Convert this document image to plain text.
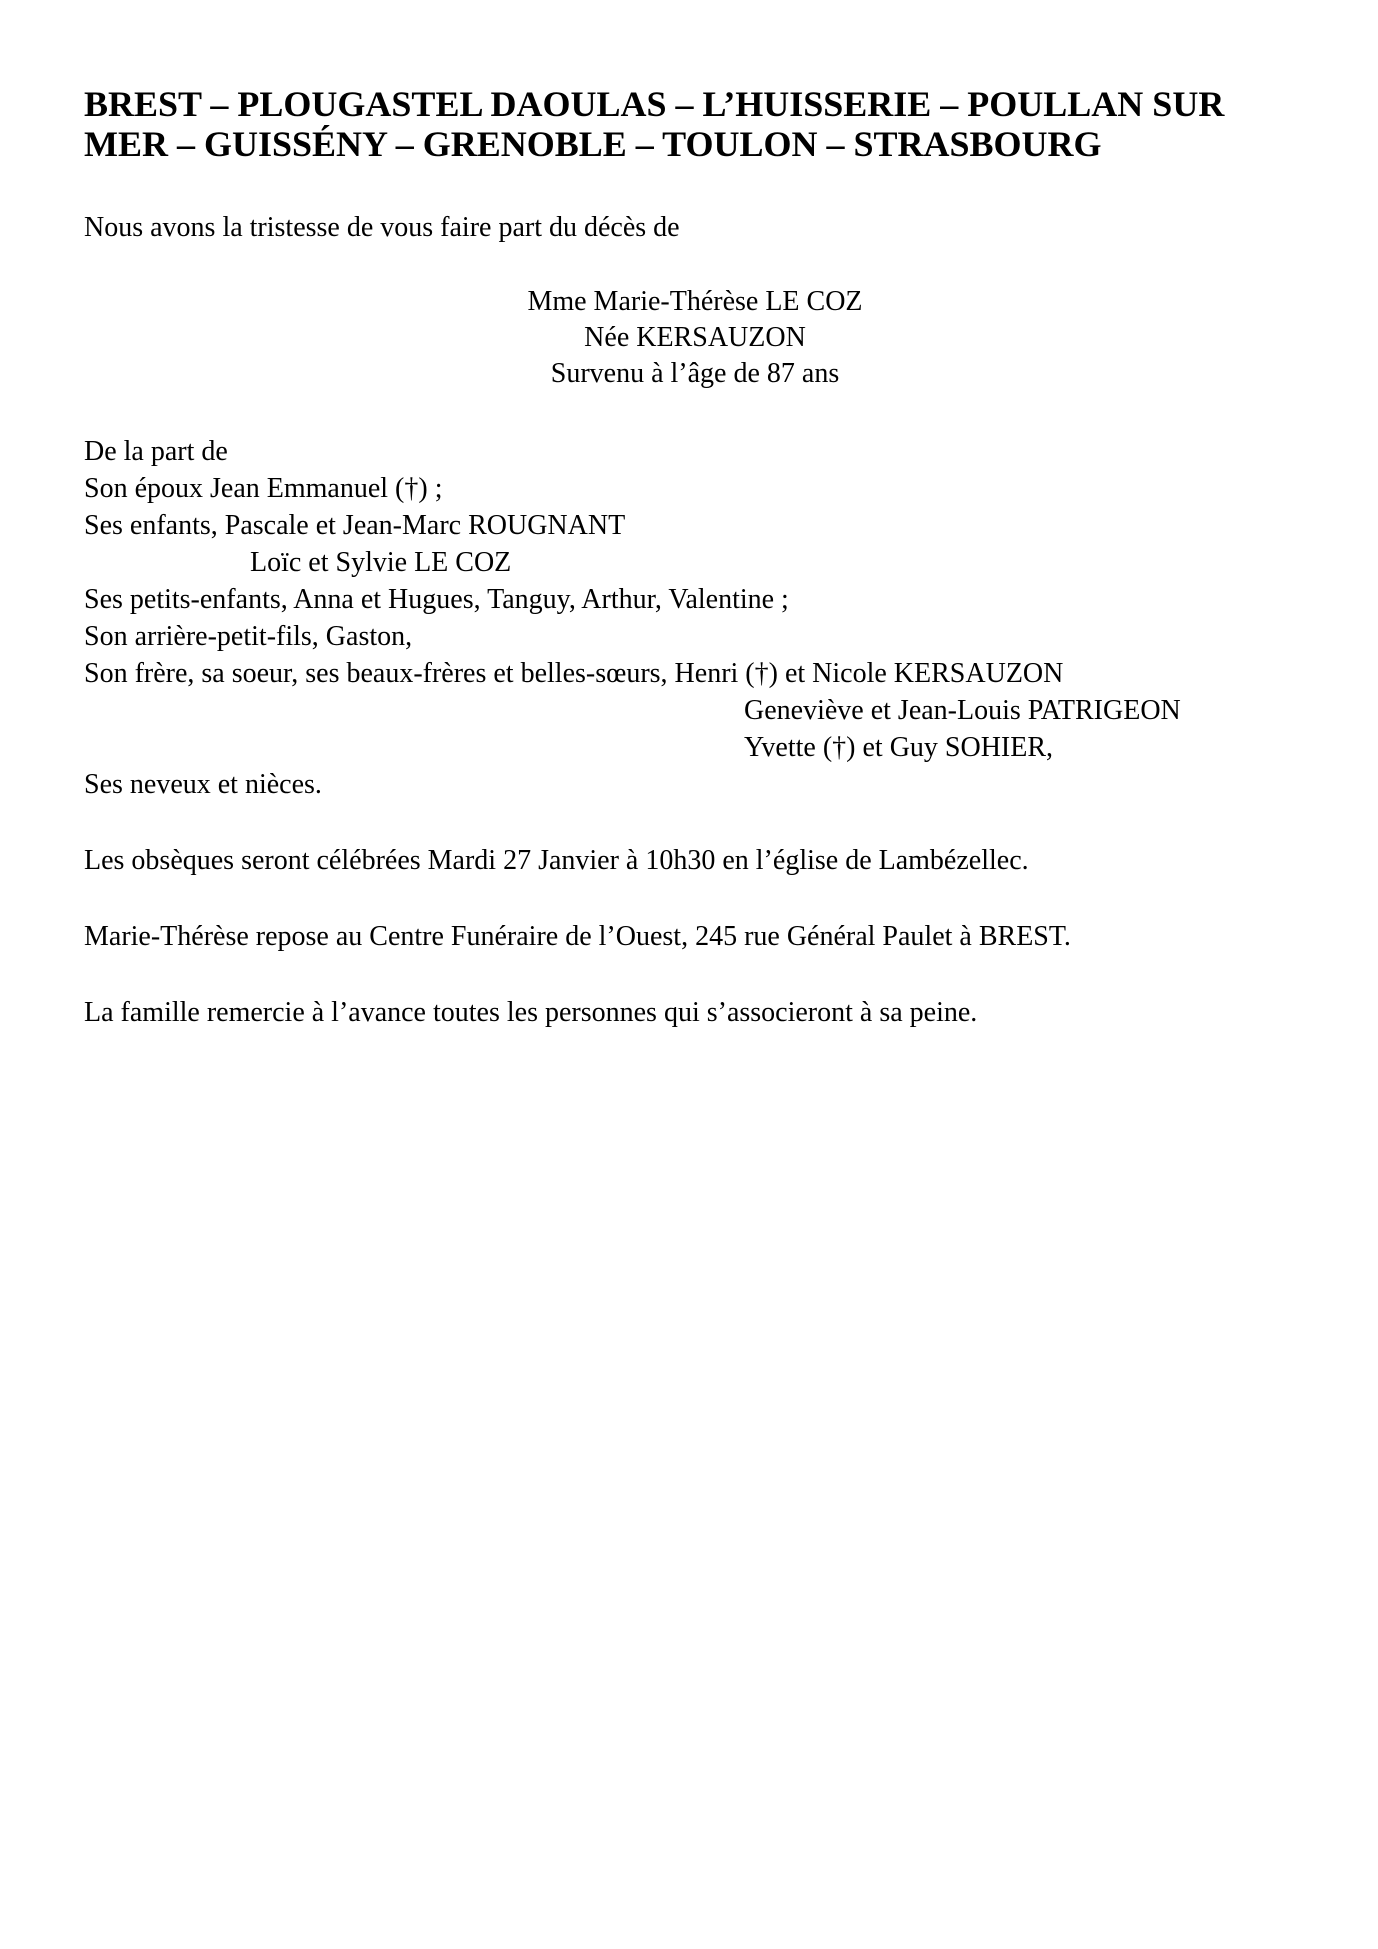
BREST – PLOUGASTEL DAOULAS – L’HUISSERIE – POULLAN SUR
MER – GUISSÉNY – GRENOBLE – TOULON – STRASBOURG

Nous avons la tristesse de vous faire part du décès de

Mme Marie-Thérèse LE COZ

Née KERSAUZON

Survenu à l’âge de 87 ans

De la part de

Son époux Jean Emmanuel (†) ;

Ses enfants, Pascale et Jean-Marc ROUGNANT

Loïc et Sylvie LE COZ

Ses petits-enfants, Anna et Hugues, Tanguy, Arthur, Valentine ;

Son arrière-petit-fils, Gaston,

Son frère, sa soeur, ses beaux-frères et belles-sœurs, Henri (†) et Nicole KERSAUZON

Geneviève et Jean-Louis PATRIGEON

Yvette (†) et Guy SOHIER,

Ses neveux et nièces.

Les obsèques seront célébrées Mardi 27 Janvier à 10h30 en l’église de Lambézellec.

Marie-Thérèse repose au Centre Funéraire de l’Ouest, 245 rue Général Paulet à BREST.

La famille remercie à l’avance toutes les personnes qui s’associeront à sa peine.
